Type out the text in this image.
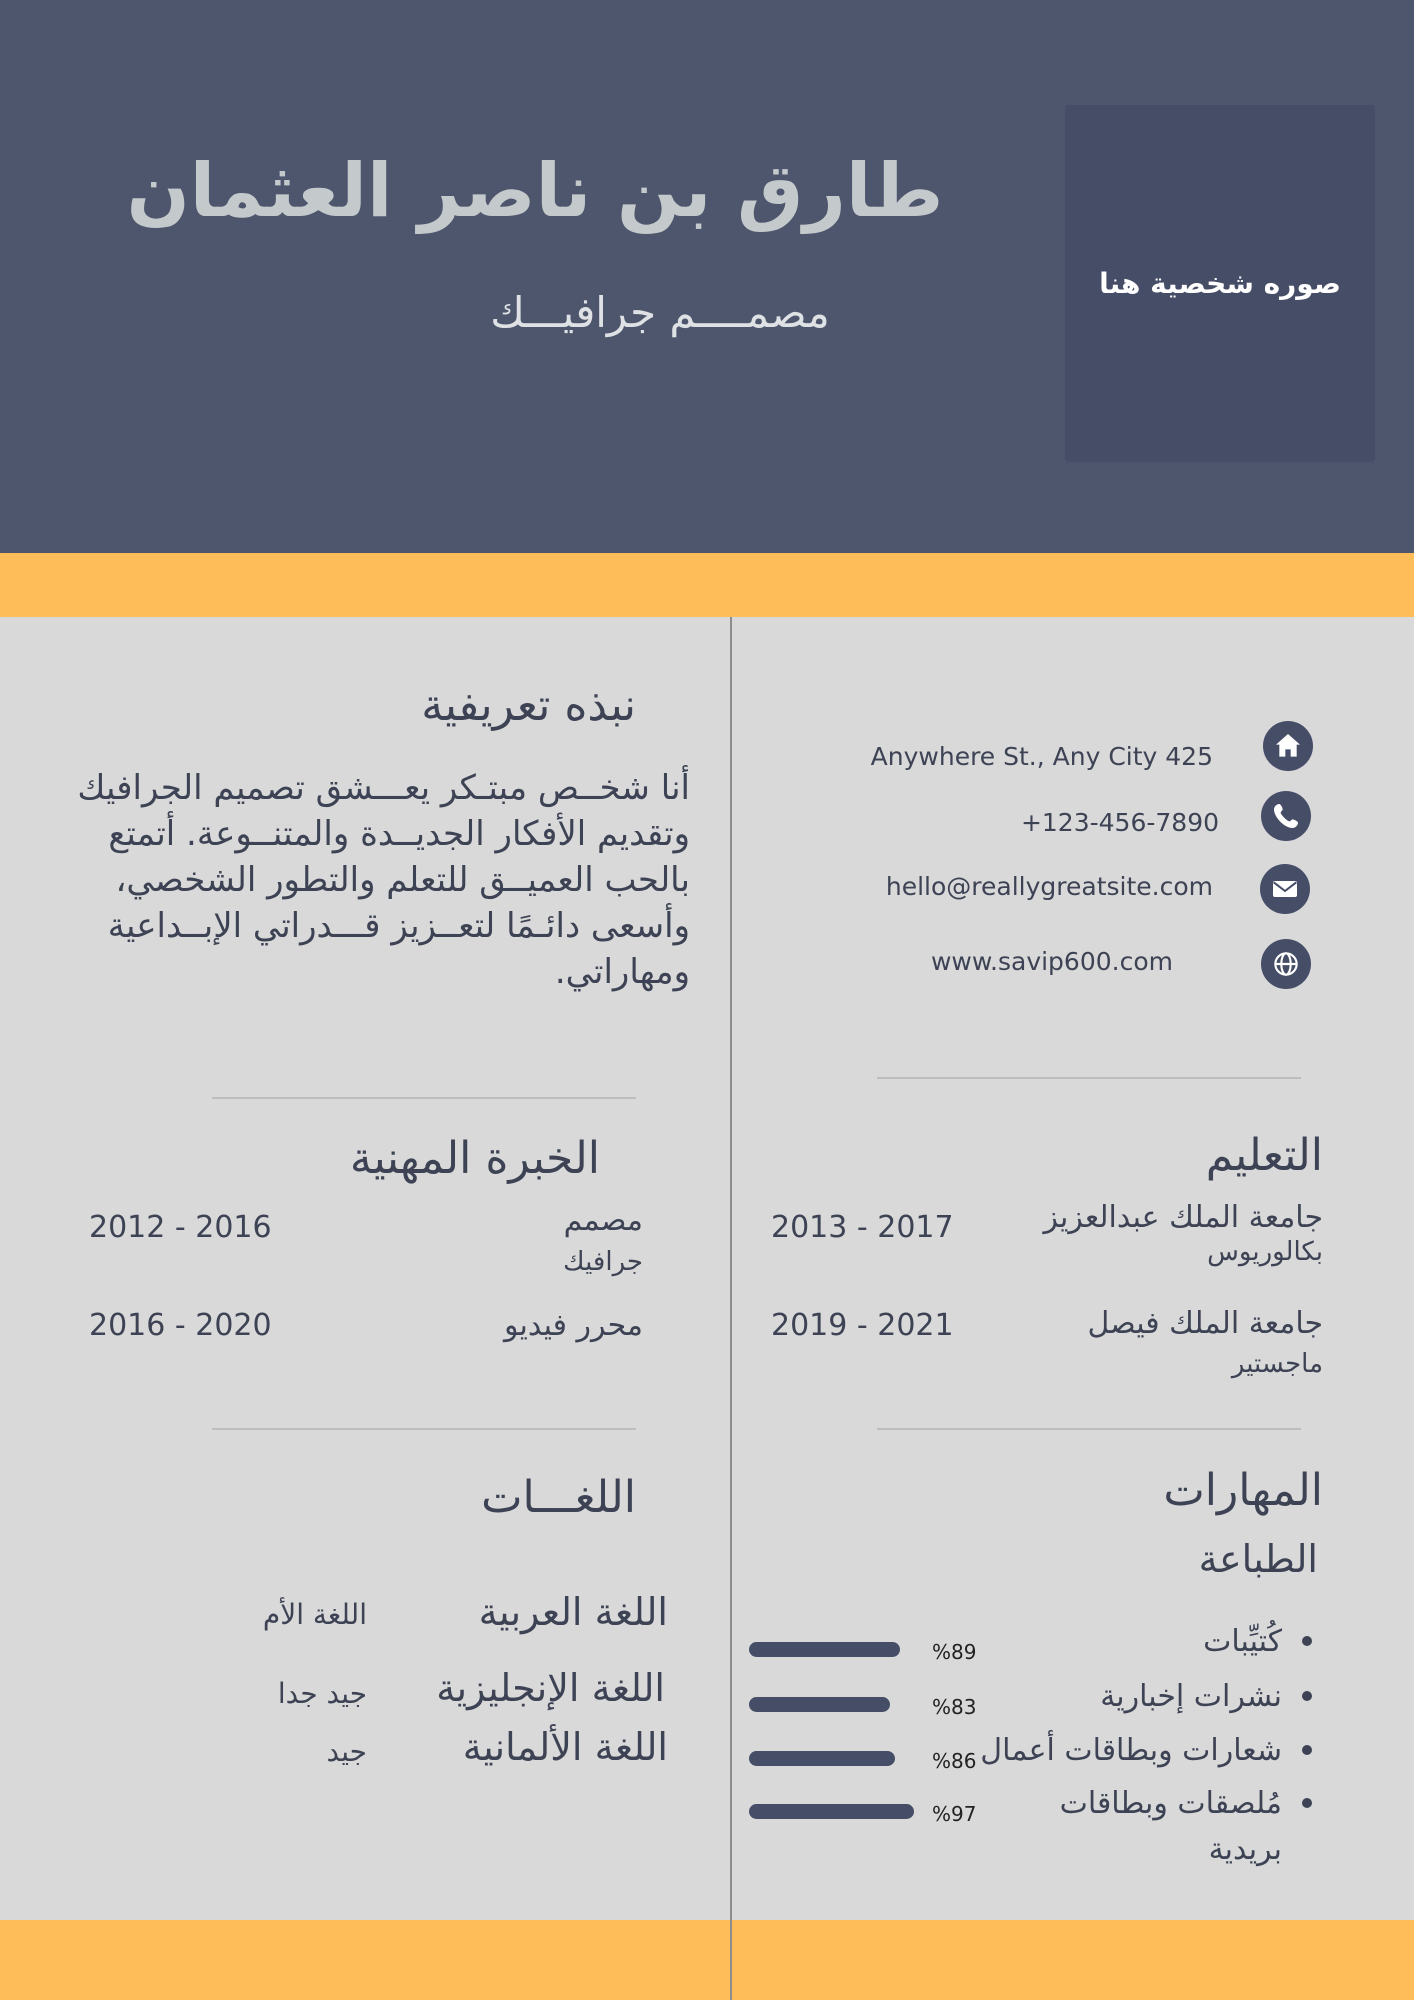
صوره شخصية هنا
طارق بن ناصر العثمان
مصمــــم جرافيـــك
Anywhere St., Any City 425
+123-456-7890
hello@reallygreatsite.com
www.savip600.com
نبذه تعريفية
أنا شخــص مبتـكر يعـــشق تصميم الجرافيك
وتقديم الأفكار الجديــدة والمتنــوعة. أتمتع
بالحب العميــق للتعلم والتطور الشخصي،
وأسعى دائـمًا لتعــزيز قـــدراتي الإبــداعية
ومهاراتي.
التعليم
جامعة الملك عبدالعزيز
بكالوريوس
2013 - 2017
جامعة الملك فيصل
ماجستير
2019 - 2021
الخبرة المهنية
مصمم
جرافيك
2012 - 2016
محرر فيديو
2016 - 2020
المهارات
الطباعة
كُتيِّبات
%89
نشرات إخبارية
%83
شعارات وبطاقات أعمال
%86
مُلصقات وبطاقات
بريدية
%97
اللغـــات
اللغة العربية
اللغة الأم
اللغة الإنجليزية
جيد جدا
اللغة الألمانية
جيد
